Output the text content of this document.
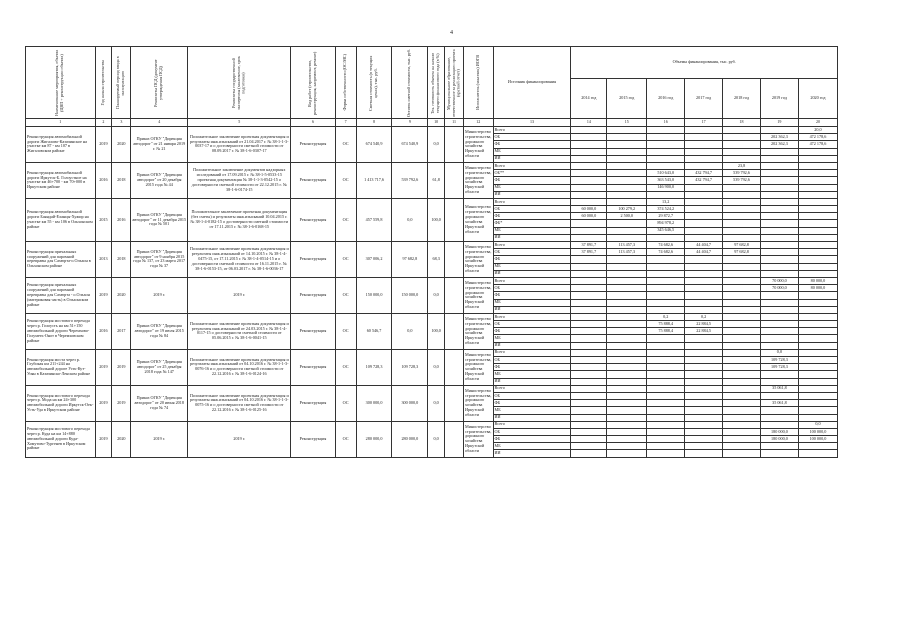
4
Наименование мероприятия, объекта (ЦВП + реконструкции объекта)	Год начала строительства	Планируемый период ввода в эксплуатацию	Реквизиты ПСД (документ утверждения ПСД)	Реквизиты государственной экспертизы (заключение, срок подготовки)	Вид работ (строительство, реконструкция, капремонт, ремонт)	Форма собственности (ОС/МС)	Сметная стоимость (в текущих ценах), тыс. руб.	Остаток сметной стоимости, тыс. руб.	Тех. готовность объекта на начало текущего финансового года (в %)	Муниципальное образование, ответственное за реализацию проекта (краткий отчет)	Исполнитель (заказчик) ИОГВ	Источник финансирования	Объемы финансирования, тыс. руб.						
													2014 год	2015 год	2016 год	2017 год	2018 год	2019 год	2020 год
1	2	3	4	5	6	7	8	9	10	11	12	13	14	15	16	17	18	19	20
Реконструкция автомобильной дороги Жигалово-Казачинское на участке км 87 - км 107 в Жигаловском районе	2019	2020	Приказ ОГКУ "Дирекция автодорог" от 21 января 2019 г. № 21	Положительное заключение проектная документация и результаты инж.изысканий от 21.04.2017 г. № 38-1-1-3-0037-17 и о достоверности сметной стоимости от 08.09.2017 г. № 38-1-6-0307-17	Реконструкция	ОС	674 540,9	674 540,9	0,0		Министерство строительства, дорожного хозяйства Иркутской области	Всего							20,0
												ОБ						202 362,3	472 178,6
												ФБ						202 362,3	472 178,6
												МБ							
												ИИ							
Реконструкция автомобильной дороги Иркутск-Б. Голоустное на участке км 46+700 - км 70+000 в Иркутском районе	2016	2018	Приказ ОГКУ "Дирекция автодорог" от 20 декабря 2015 года № 44	Положительное заключение документов надзорных исследований от 17.09.2015 г. № 38-1-5-0533-15 проектная документация № 38-1-1-3-0542-15 о достоверности сметной стоимости от 22.12.2015 г. № 38-1-6-0174-15	Реконструкция	ОС	1 413 717,6	539 792,6	61,8		Министерство строительства, дорожного хозяйства Иркутской области	Всего					23,8		
												ОБ**			510 643,0	432 794,7	539 792,6		
												ФБ			363 543,0	432 794,7	539 792,6		
												МБ			146 900,0				
												ИИ							
Реконструкция автомобильной дороги Баяндай-Еланцы-Хужир на участке км 55 - км 106 в Ольхонском районе	2015	2016	Приказ ОГКУ "Дирекция автодорог" от 11 декабря 2015 года № 501	Положительное заключение проектная документация (без сметы) и результаты инж.изысканий 10.04.2015 г. № 38-1-4-0182-15 о достоверности сметной стоимости от 17.11.2015 г. № 38-1-6-0168-15	Реконструкция	ОС	457 559,8	0,0	100,0		Министерство строительства, дорожного хозяйства Иркутской области	Всего			13,2				
												ОБ	60 000,0	100 279,2	374 524,2				
												ФБ	60 000,0	2 500,0	29 872,7				
												ФБ*			894 978,2				
												МБ			345 646,5				
												ИИ							
Реконструкция причальных сооружений для паромной переправы для Сахюрта-о.Ольхон в Ольхонском районе	2013	2018	Приказ ОГКУ "Дирекция автодорог" от 9 ноября 2015 года № 137, от 23 марта 2017 года № 37	Положительное заключение проектная документация и результаты инж.изысканий от 14.10.2015 г. № 38-1-4-0475-15, от 17.11.2015 г. № 38-1-4-0514-15 и о достоверности сметной стоимости от 16.11.2015 г. № 38-1-6-0153-15, от 06.03.2017 г. № 38-1-6-0036-17	Реконструкция	ОС	307 006,2	97 682,8	68,3		Министерство строительства, дорожного хозяйства Иркутской области	Всего	37 891,7	113 457,3	74 682,6	44 404,7	97 682,8		
												ОБ	37 891,7	113 457,3	74 682,6	44 404,7	97 682,8		
												ФБ							
												МБ							
												ИИ							
Реконструкция причальных сооружений для паромной переправы для Сахюрта - о.Ольхон (материковая часть) в Ольхонском районе	2019	2020	2019 г.	2019 г.	Реконструкция	ОС	150 000,0	150 000,0	0,0		Министерство строительства, дорожного хозяйства Иркутской области	Всего						70 000,0	80 000,0
												ОБ						70 000,0	80 000,0
												ФБ							
												МБ							
												ИИ							
Реконструкция мостового перехода через р. Голоусть на км 51+150 автомобильной дороги Черемхово-Голуметь-Онот в Черемховском районе	2016	2017	Приказ ОГКУ "Дирекция автодорог" от 19 июля 2015 года № 84	Положительное заключение проектная документация и результаты инж.изысканий от 24.03.2015 г. № 38-1-4-0117-15 о достоверности сметной стоимости от 05.06.2015 г. № 38-1-6-0041-15	Реконструкция	ОС	60 546,7	0,0	100,0		Министерство строительства, дорожного хозяйства Иркутской области	Всего			0,2	0,2			
												ОБ			75 888,4	22 884,5			
												ФБ			75 888,4	22 884,5			
												МБ							
												ИИ							
Реконструкция моста через р. Глубокая км 211+244 на автомобильной дороге Усть-Кут-Уоян в Казачинско-Ленском районе	2019	2019	Приказ ОГКУ "Дирекция автодорог" от 25 декабря 2018 года № 147	Положительное заключение проектная документация и результаты инж.изысканий от 04.10.2016 г. № 38-1-1-3-0076-16 и о достоверности сметной стоимости от 22.12.2016 г. № 38-1-6-0124-16	Реконструкция	ОС	109 728,3	109 728,3	0,0		Министерство строительства, дорожного хозяйства Иркутской области	Всего						0,0	
												ОБ						109 728,3	
												ФБ						109 728,3	
												МБ							
												ИИ							
Реконструкция мостового перехода через р. Мода на км 24+300 автомобильной дороги Иркутск-Оек-Усть-Уда в Иркутском районе	2019	2019	Приказ ОГКУ "Дирекция автодорог" от 20 июня 2018 года № 74	Положительное заключение проектная документация и результаты инж.изысканий от 04.10.2016 г. № 38-1-1-3-0075-16 и о достоверности сметной стоимости от 22.12.2016 г. № 38-1-6-0125-16	Реконструкция	ОС	300 000,0	300 000,0	0,0		Министерство строительства, дорожного хозяйства Иркутской области	Всего						35 061,8	
												ОБ							
												ФБ						35 061,8	
												МБ							
												ИИ							
Реконструкция мостового перехода через р. Куда на км 14+880 автомобильной дороги Куда-Хомутово-Тургенев в Иркутском районе	2019	2020	2019 г.	2019 г.	Реконструкция	ОС	280 000,0	280 000,0	0,0		Министерство строительства, дорожного хозяйства Иркутской области	Всего							0,0
												ОБ						180 000,0	100 000,0
												ФБ						180 000,0	100 000,0
												МБ							
												ИИ							
